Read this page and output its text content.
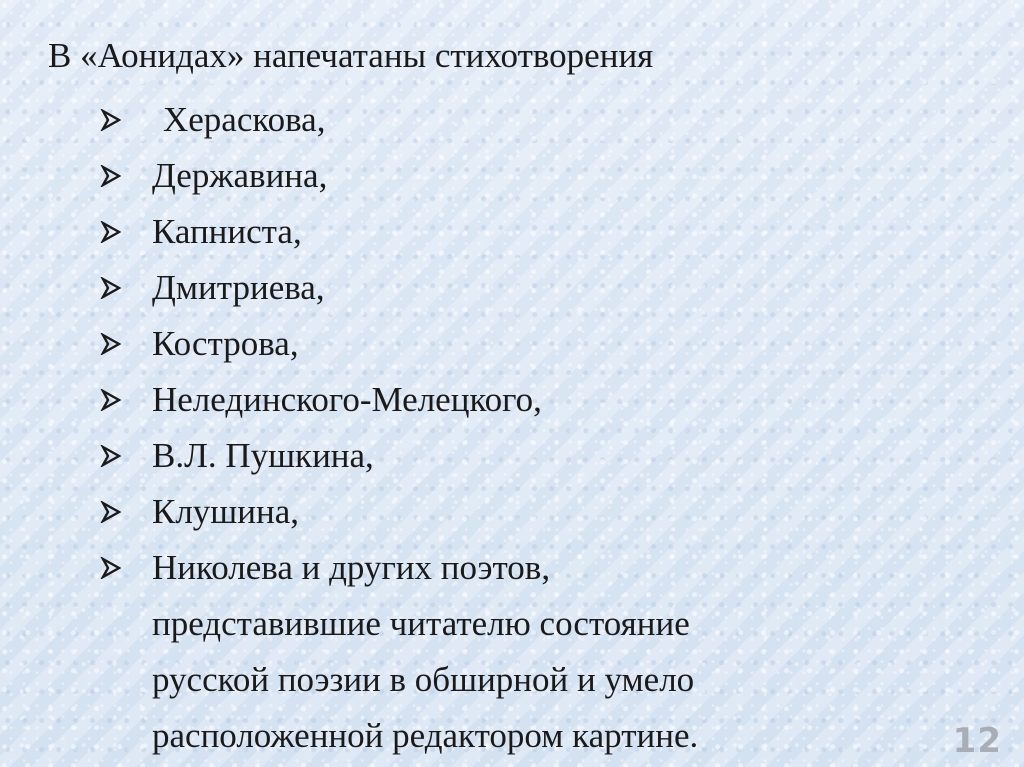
В «Аонидах» напечатаны стихотворения
Хераскова,
Державина,
Капниста,
Дмитриева,
Кострова,
Нелединского-Мелецкого,
В.Л. Пушкина,
Клушина,
Николева и других поэтов,
представившие читателю состояние
русской поэзии в обширной и умело
расположенной редактором картине.	12
